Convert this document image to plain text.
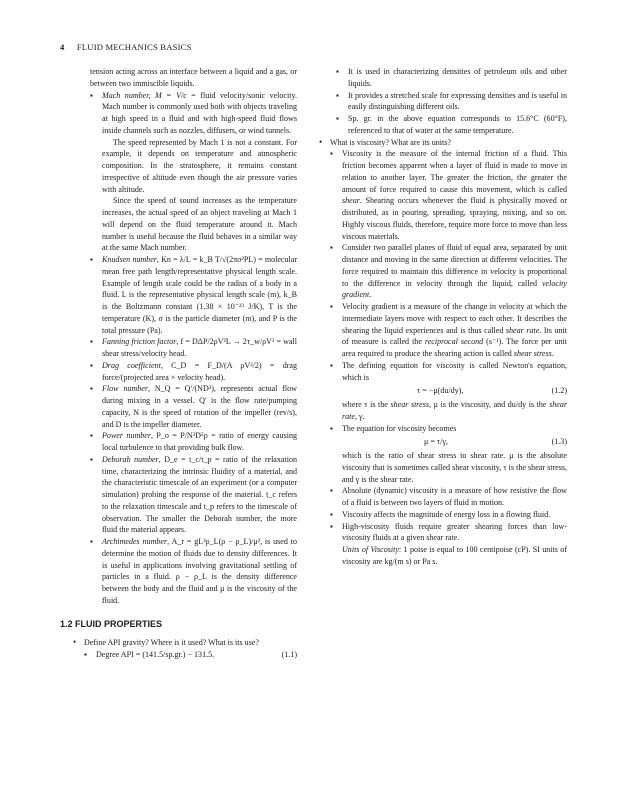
4 FLUID MECHANICS BASICS

tension acting across an interface between a liquid and a gas, or between two immiscible liquids.

▪ Mach number, M = V/c = fluid velocity/sonic velocity. Mach number is commonly used both with objects traveling at high speed in a fluid and with high-speed fluid flows inside channels such as nozzles, diffusers, or wind tunnels.

The speed represented by Mach 1 is not a constant. For example, it depends on temperature and atmospheric composition. In the stratosphere, it remains constant irrespective of altitude even though the air pressure varies with altitude.

Since the speed of sound increases as the temperature increases, the actual speed of an object traveling at Mach 1 will depend on the fluid temperature around it. Mach number is useful because the fluid behaves in a similar way at the same Mach number.

▪ Knudsen number, Kn = λ/L = k_B T/√(2πσ²PL) = molecular mean free path length/representative physical length scale. Example of length scale could be the radius of a body in a fluid. L is the representative physical length scale (m), k_B is the Boltzmann constant (1.38 × 10⁻²³ J/K), T is the temperature (K), σ is the particle diameter (m), and P is the total pressure (Pa).
▪ Fanning friction factor, f = DΔP/2ρV²L → 2τ_w/ρV² = wall shear stress/velocity head.
▪ Drag coefficient, C_D = F_D/(A ρV²/2) = drag force/(projected area × velocity head).
▪ Flow number, N_Q = Q′/(ND³), represents actual flow during mixing in a vessel. Q′ is the flow rate/pumping capacity, N is the speed of rotation of the impeller (rev/s), and D is the impeller diameter.
▪ Power number, P_o = P/N³D⁵ρ = ratio of energy causing local turbulence to that providing bulk flow.
▪ Deborah number, D_e = t_c/t_p = ratio of the relaxation time, characterizing the intrinsic fluidity of a material, and the characteristic timescale of an experiment (or a computer simulation) probing the response of the material. t_c refers to the relaxation timescale and t_p refers to the timescale of observation. The smaller the Deborah number, the more fluid the material appears.
▪ Archimedes number, A_r = gL³ρ_L(ρ − ρ_L)/μ², is used to determine the motion of fluids due to density differences. It is useful in applications involving gravitational settling of particles in a fluid. ρ − ρ_L is the density difference between the body and the fluid and μ is the viscosity of the fluid.
1.2 FLUID PROPERTIES
• Define API gravity? Where is it used? What is its use?
▪ Degree API = (141.5/sp.gr.) − 131.5.	(1.1)
▪ It is used in characterizing densities of petroleum oils and other liquids.
▪ It provides a stretched scale for expressing densities and is useful in easily distinguishing different oils.
▪ Sp. gr. in the above equation corresponds to 15.6°C (60°F), referenced to that of water at the same temperature.
• What is viscosity? What are its units?
▪ Viscosity is the measure of the internal friction of a fluid. This friction becomes apparent when a layer of fluid is made to move in relation to another layer. The greater the friction, the greater the amount of force required to cause this movement, which is called shear. Shearing occurs whenever the fluid is physically moved or distributed, as in pouring, spreading, spraying, mixing, and so on. Highly viscous fluids, therefore, require more force to move than less viscous materials.
▪ Consider two parallel planes of fluid of equal area, separated by unit distance and moving in the same direction at different velocities. The force required to maintain this difference in velocity is proportional to the difference in velocity through the liquid, called velocity gradient.
▪ Velocity gradient is a measure of the change in velocity at which the intermediate layers move with respect to each other. It describes the shearing the liquid experiences and is thus called shear rate. Its unit of measure is called the reciprocal second (s⁻¹). The force per unit area required to produce the shearing action is called shear stress.
▪ The defining equation for viscosity is called Newton's equation, which is
τ = −μ(du/dy),	(1.2)

where τ is the shear stress, μ is the viscosity, and du/dy is the shear rate, γ.

▪ The equation for viscosity becomes
μ = τ/γ,	(1.3)

which is the ratio of shear stress to shear rate. μ is the absolute viscosity that is sometimes called shear viscosity, τ is the shear stress, and γ is the shear rate.

▪ Absolute (dynamic) viscosity is a measure of how resistive the flow of a fluid is between two layers of fluid in motion.
▪ Viscosity affects the magnitude of energy loss in a flowing fluid.
▪ High-viscosity fluids require greater shearing forces than low-viscosity fluids at a given shear rate.

Units of Viscosity: 1 poise is equal to 100 centipoise (cP). SI units of viscosity are kg/(m s) or Pa s.
